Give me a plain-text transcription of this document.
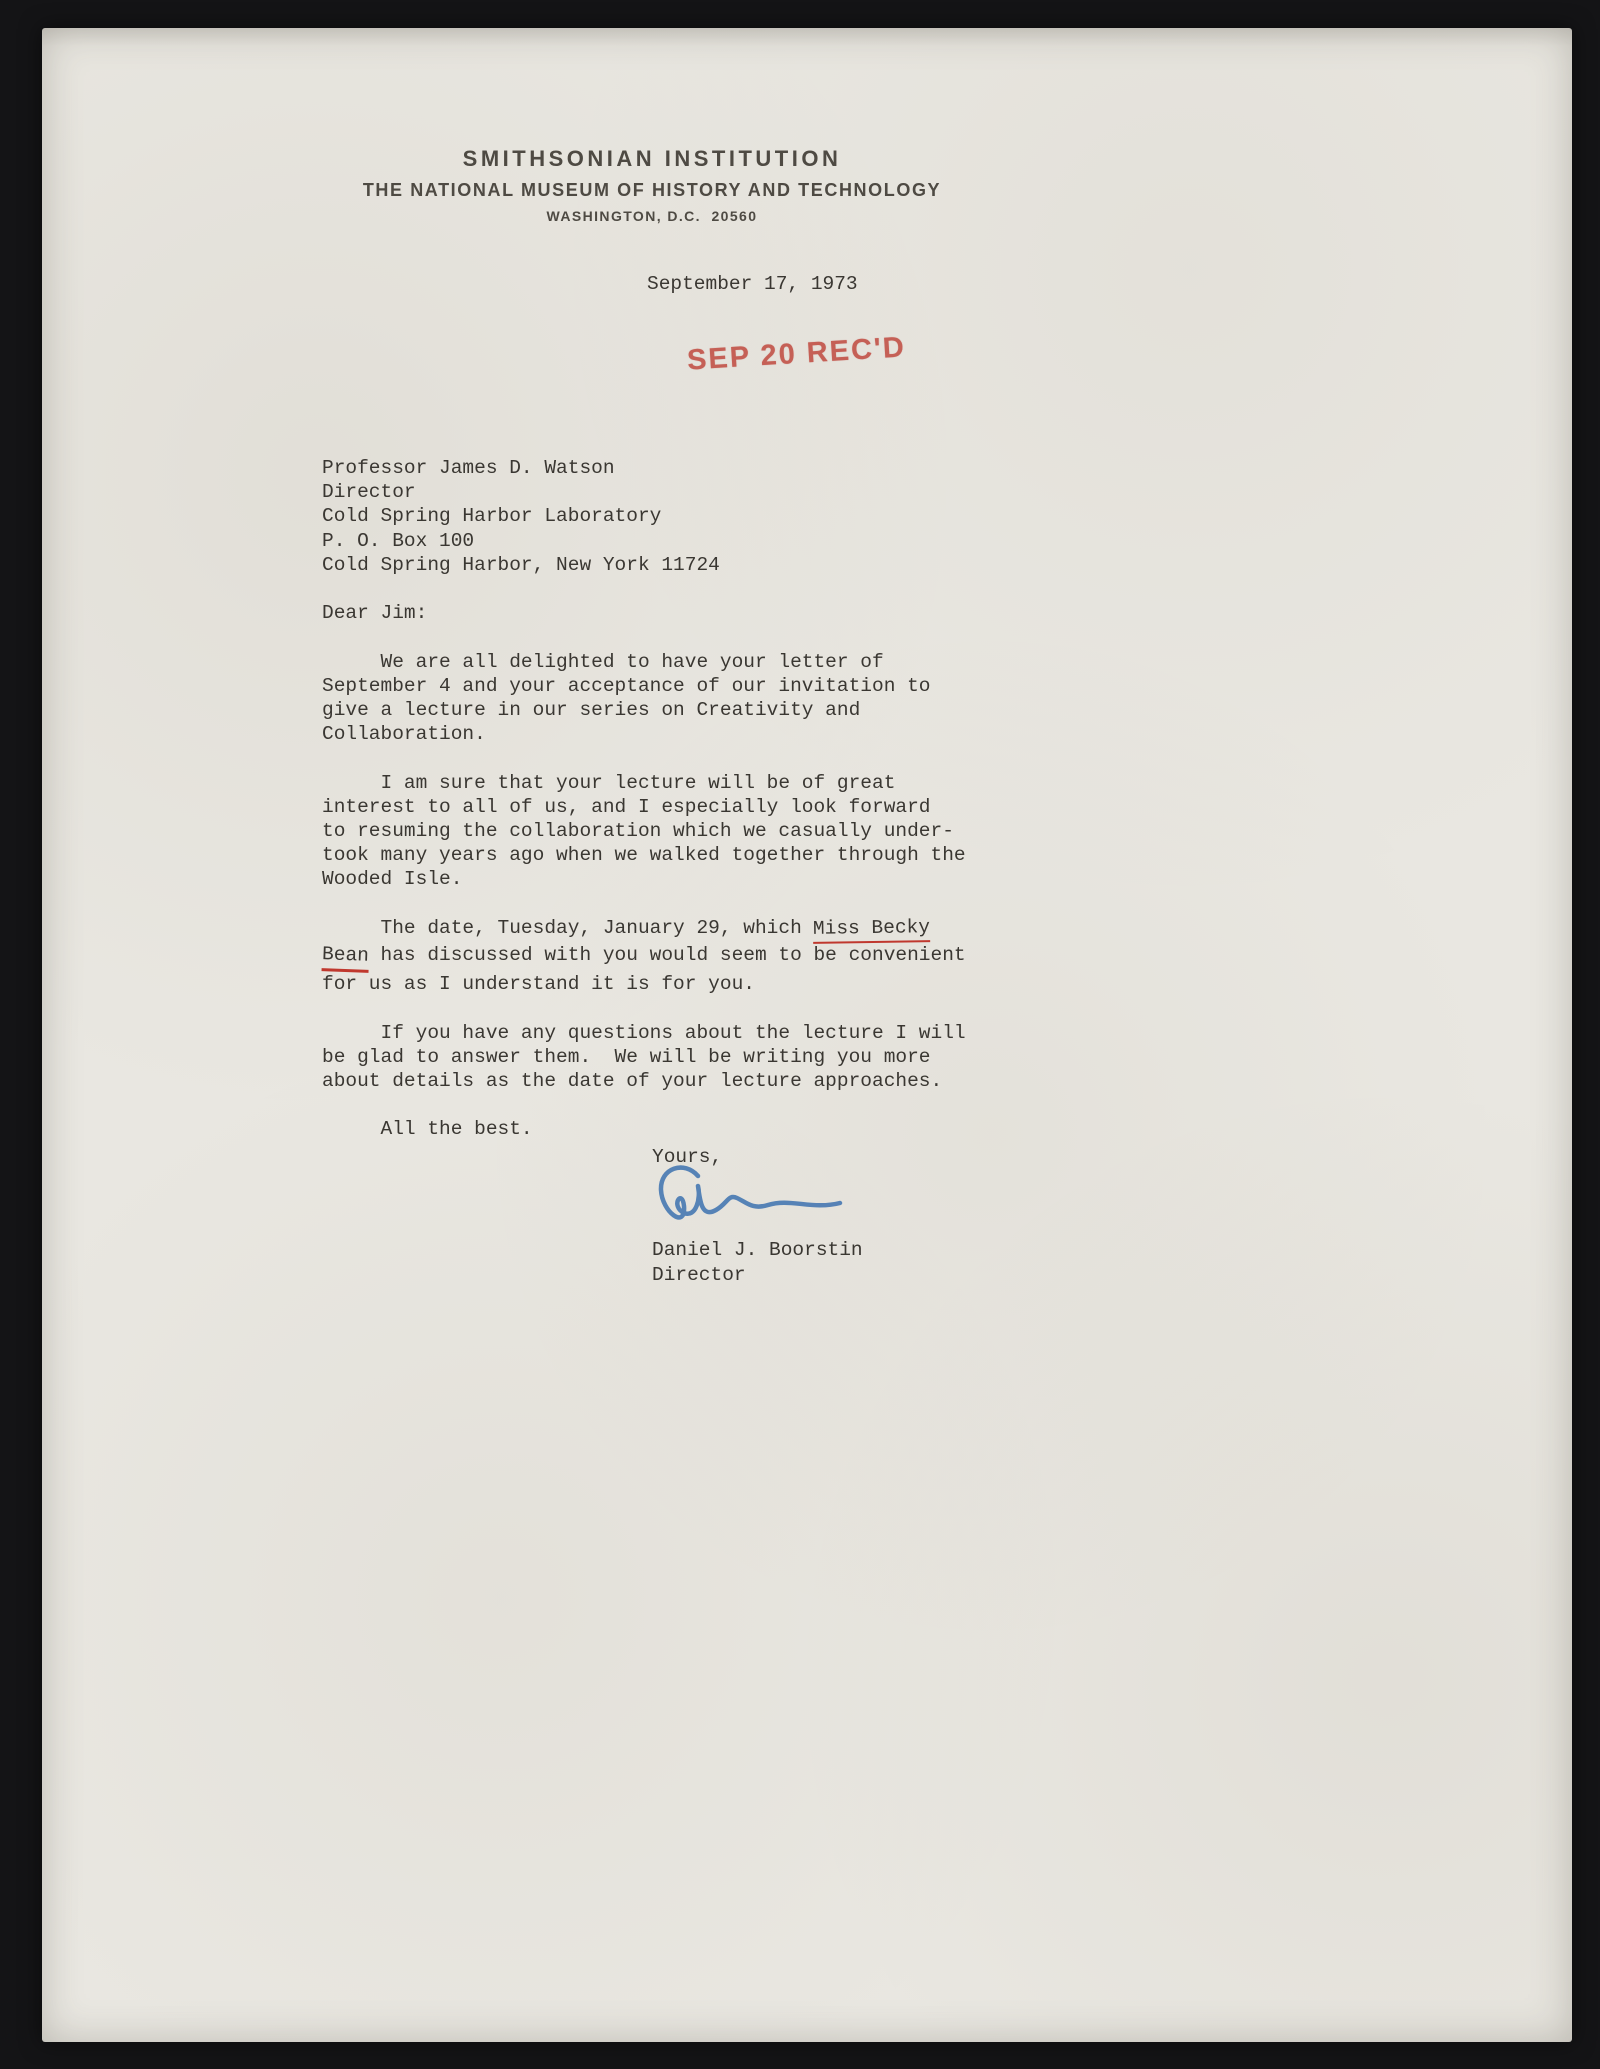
SMITHSONIAN INSTITUTION
THE NATIONAL MUSEUM OF HISTORY AND TECHNOLOGY
WASHINGTON, D.C.  20560
September 17, 1973
SEP 20 REC'D
Professor James D. Watson
Director
Cold Spring Harbor Laboratory
P. O. Box 100
Cold Spring Harbor, New York 11724

Dear Jim:

We are all delighted to have your letter of
September 4 and your acceptance of our invitation to
give a lecture in our series on Creativity and
Collaboration.

I am sure that your lecture will be of great
interest to all of us, and I especially look forward
to resuming the collaboration which we casually under-
took many years ago when we walked together through the
Wooded Isle.

The date, Tuesday, January 29, which Miss Becky
Bean has discussed with you would seem to be convenient
for us as I understand it is for you.

If you have any questions about the lecture I will
be glad to answer them.  We will be writing you more
about details as the date of your lecture approaches.

All the best.
Yours,
Daniel J. Boorstin
Director
